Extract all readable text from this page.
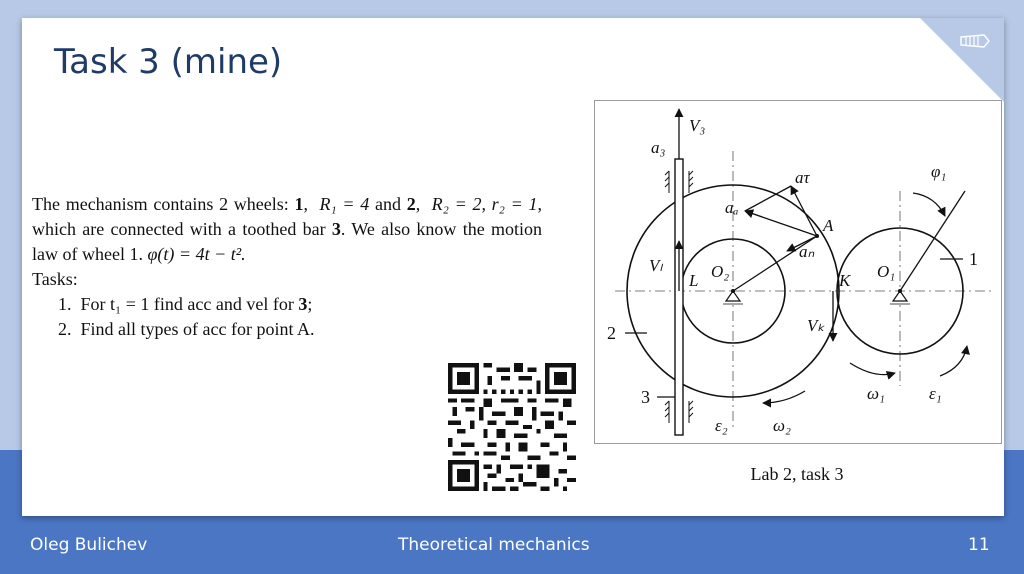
Task 3 (mine)

The mechanism contains 2 wheels: 1,  R₁ = 4 and 2,  R₂ = 2, r₂ = 1, which are connected with a toothed bar 3. We also know the motion law of wheel 1. φ(t) = 4t − t².

Tasks:

1. For t₁ = 1 find acc and vel for 3;

2. Find all types of acc for point A.

V₃
a₃
aτ
aₐ
A
aₙ
φ₁
Vₗ
L O₂	K O₁
Vₖ
ω₁	ε₁
ε₂	ω₂
1
2
3
Lab 2, task 3
Oleg Bulichev	Theoretical mechanics	11
